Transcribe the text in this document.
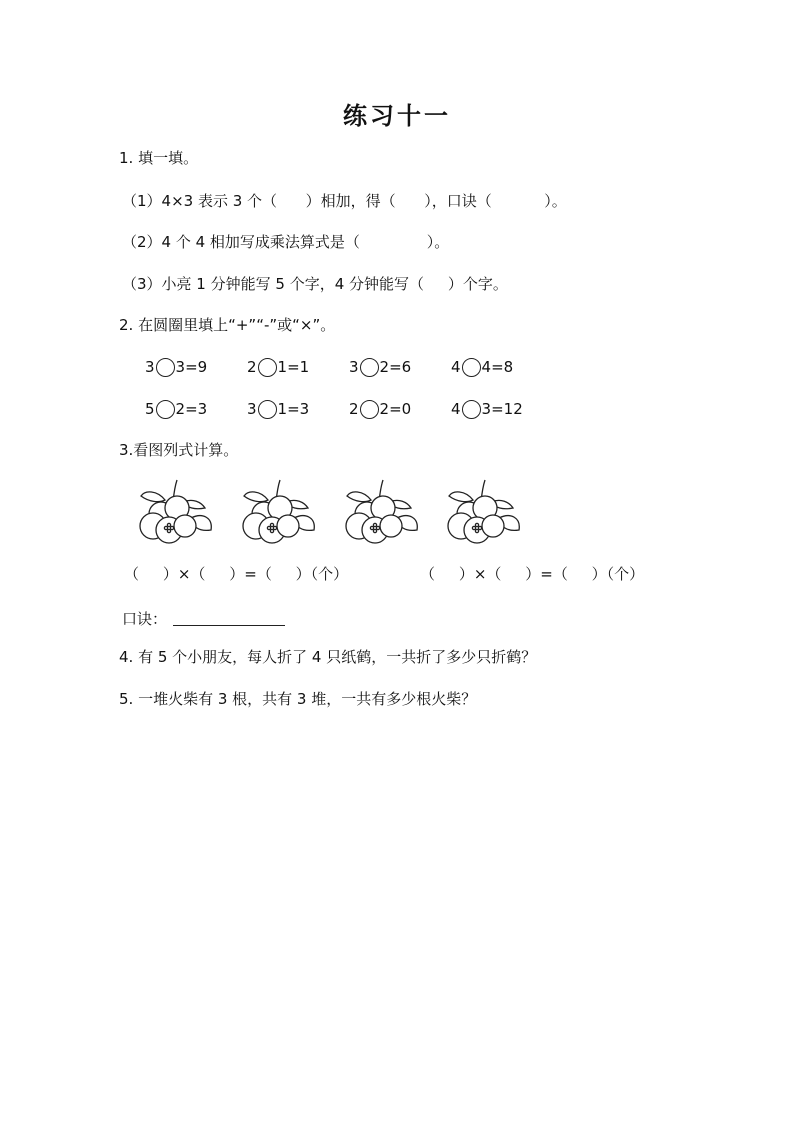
练习十一
1. 填一填。
（1）4×3 表示 3 个（      ）相加，得（      ），口诀（           ）。
（2）4 个 4 相加写成乘法算式是（              ）。
（3）小亮 1 分钟能写 5 个字，4 分钟能写（     ）个字。
2. 在圆圈里填上“+”“-”或“×”。
3 3=9	2 1=1	3 2=6	4 4=8
5 2=3	3 1=3	2 2=0	4 3=12
3.看图列式计算。
（     ）×（     ）=（     ）（个）	（     ）×（     ）=（     ）（个）
口诀：
4. 有 5 个小朋友，每人折了 4 只纸鹤，一共折了多少只折鹤？
5. 一堆火柴有 3 根，共有 3 堆，一共有多少根火柴？
